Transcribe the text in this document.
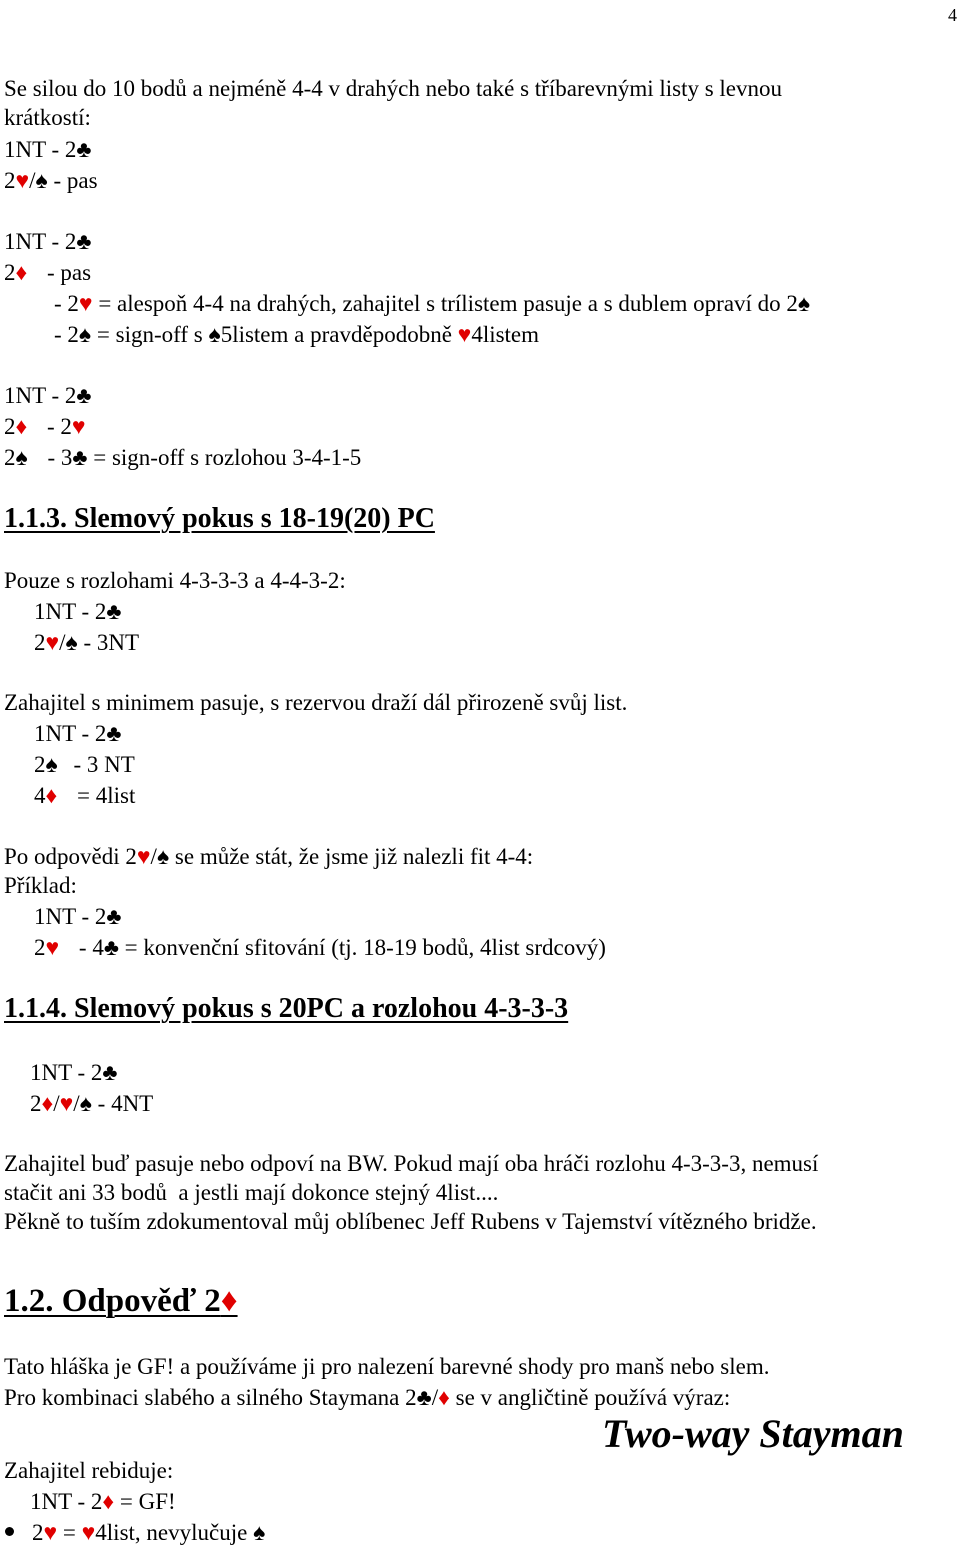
4
Se silou do 10 bodů a nejméně 4-4 v drahých nebo také s tříbarevnými listy s levnou
krátkostí:
1NT - 2♣
2♥/♠ - pas
1NT - 2♣
2♦ - pas
- 2♥ = alespoň 4-4 na drahých, zahajitel s trílistem pasuje a s dublem opraví do 2♠
- 2♠ = sign-off s ♠5listem a pravděpodobně ♥4listem
1NT - 2♣
2♦ - 2♥
2♠ - 3♣ = sign-off s rozlohou 3-4-1-5
1.1.3. Slemový pokus s 18-19(20) PC
Pouze s rozlohami 4-3-3-3 a 4-4-3-2:
1NT - 2♣
2♥/♠ - 3NT
Zahajitel s minimem pasuje, s rezervou draží dál přirozeně svůj list.
1NT - 2♣
2♠ - 3 NT
4♦ = 4list
Po odpovědi 2♥/♠ se může stát, že jsme již nalezli fit 4-4:
Příklad:
1NT - 2♣
2♥ - 4♣ = konvenční sfitování (tj. 18-19 bodů, 4list srdcový)
1.1.4. Slemový pokus s 20PC a rozlohou 4-3-3-3
1NT - 2♣
2♦/♥/♠ - 4NT
Zahajitel buď pasuje nebo odpoví na BW. Pokud mají oba hráči rozlohu 4-3-3-3, nemusí
stačit ani 33 bodů  a jestli mají dokonce stejný 4list....
Pěkně to tuším zdokumentoval můj oblíbenec Jeff Rubens v Tajemství vítězného bridže.
1.2. Odpověď 2♦
Tato hláška je GF! a používáme ji pro nalezení barevné shody pro manš nebo slem.
Pro kombinaci slabého a silného Staymana 2♣/♦ se v angličtině používá výraz:
Two-way Stayman
Zahajitel rebiduje:
1NT - 2♦ = GF!
2♥ = ♥4list, nevylučuje ♠
